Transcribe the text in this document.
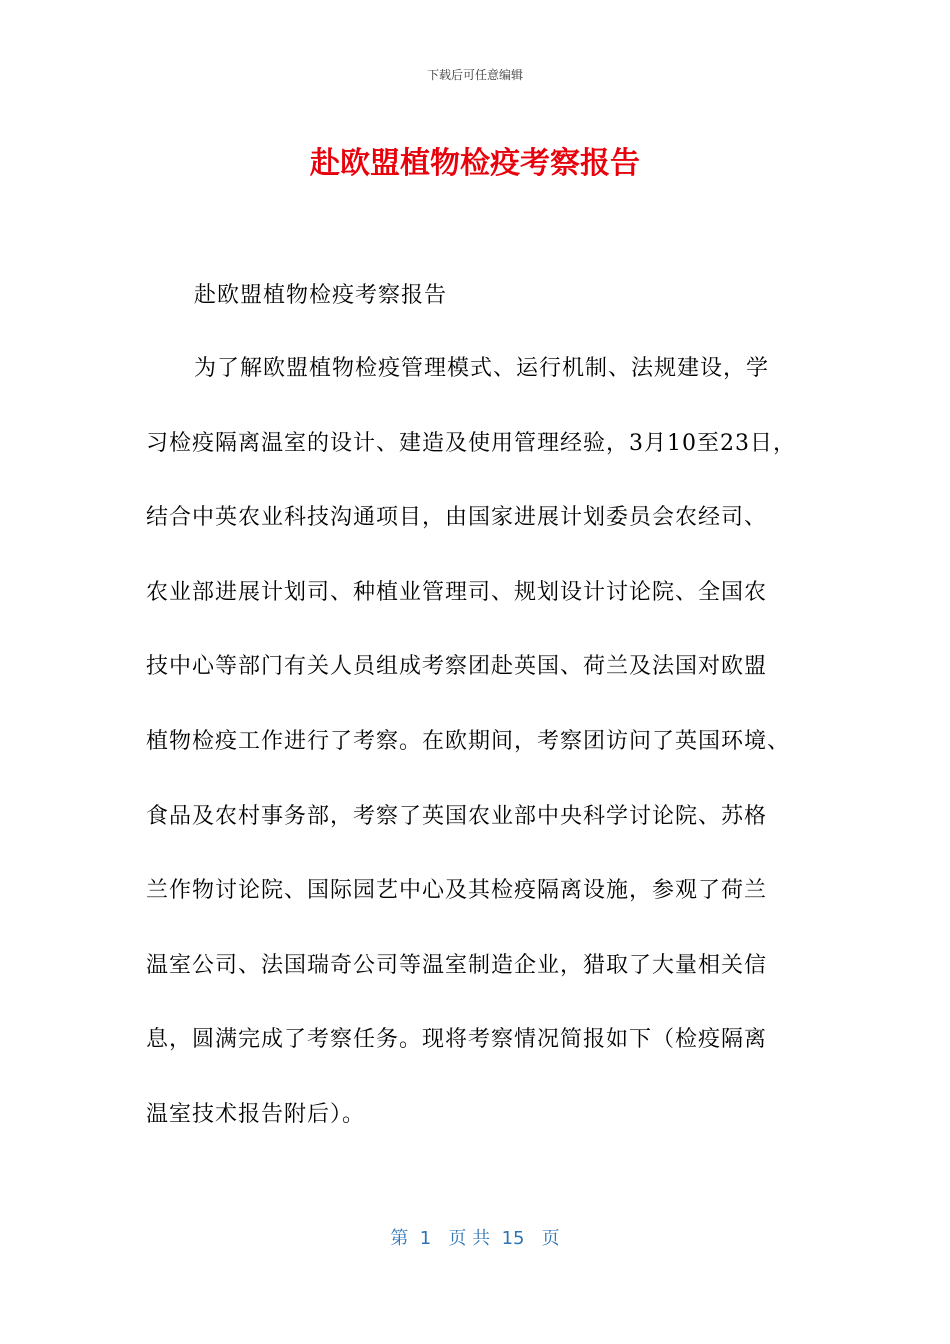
下载后可任意编辑
赴欧盟植物检疫考察报告
赴欧盟植物检疫考察报告
为了解欧盟植物检疫管理模式、运行机制、法规建设，学
习检疫隔离温室的设计、建造及使用管理经验，3月10至23日，
结合中英农业科技沟通项目，由国家进展计划委员会农经司、
农业部进展计划司、种植业管理司、规划设计讨论院、全国农
技中心等部门有关人员组成考察团赴英国、荷兰及法国对欧盟
植物检疫工作进行了考察。在欧期间，考察团访问了英国环境、
食品及农村事务部，考察了英国农业部中央科学讨论院、苏格
兰作物讨论院、国际园艺中心及其检疫隔离设施，参观了荷兰
温室公司、法国瑞奇公司等温室制造企业，猎取了大量相关信
息，圆满完成了考察任务。现将考察情况简报如下（检疫隔离
温室技术报告附后）。
第  1   页 共  15   页
